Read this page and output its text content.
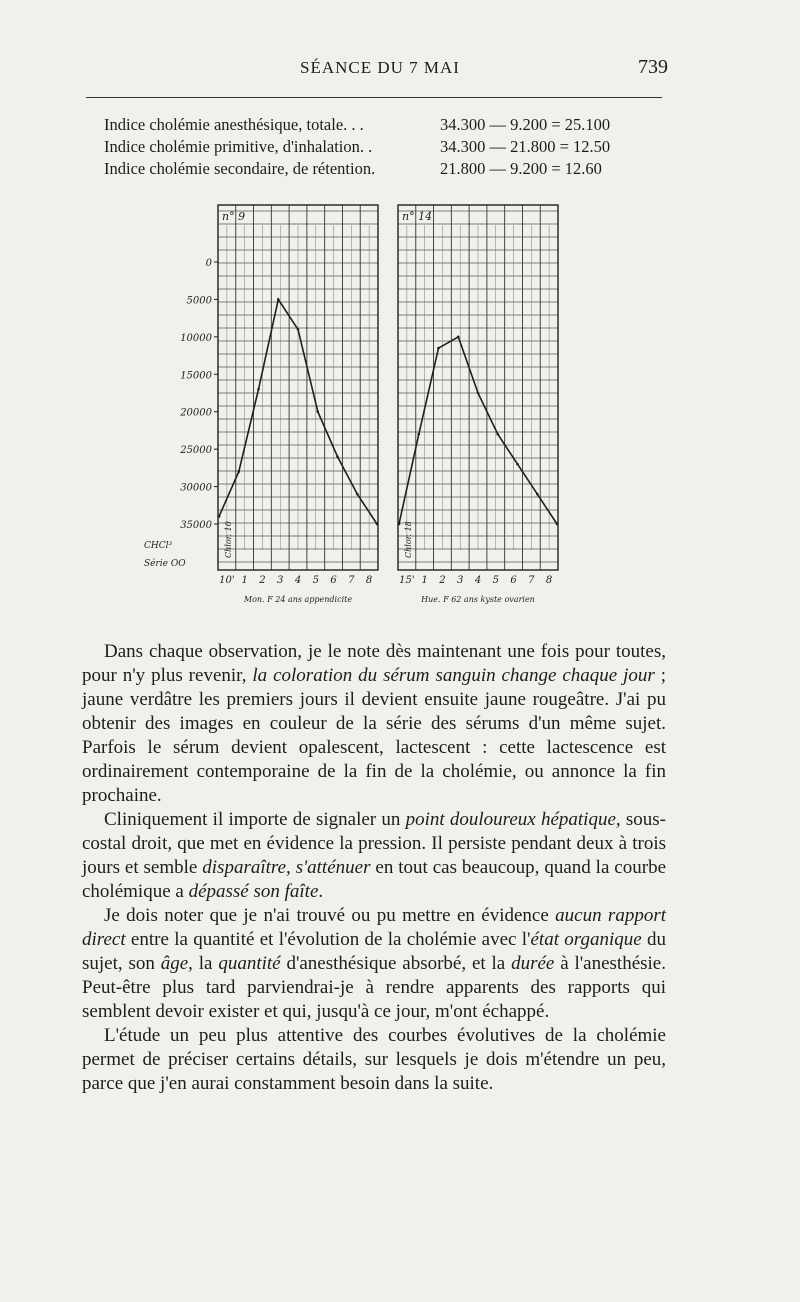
SÉANCE DU 7 MAI	739
Indice cholémie anesthésique, totale. . .	34.300 — 9.200 = 25.100
Indice cholémie primitive, d'inhalation. .	34.300 — 21.800 = 12.50
Indice cholémie secondaire, de rétention.	21.800 — 9.200 = 12.60
n° 9
Chlor. 10
10' 1 2 3 4 5 6 7 8
Mon. F 24 ans appendicite
n° 14
Chlor. 18
15' 1 2 3 4 5 6 7 8
Hue. F 62 ans kyste ovarien
0
5000
10000
15000
20000
25000
30000
35000
CHCl³
Série OO

Dans chaque observation, je le note dès maintenant une fois pour toutes, pour n'y plus revenir, la coloration du sérum sanguin change chaque jour ; jaune verdâtre les premiers jours il devient ensuite jaune rougeâtre. J'ai pu obtenir des images en couleur de la série des sérums d'un même sujet. Parfois le sérum devient opalescent, lactescent : cette lactescence est ordinairement contemporaine de la fin de la cholémie, ou annonce la fin prochaine.

Cliniquement il importe de signaler un point douloureux hépatique, sous-costal droit, que met en évidence la pression. Il persiste pendant deux à trois jours et semble disparaître, s'atténuer en tout cas beaucoup, quand la courbe cholémique a dépassé son faîte.

Je dois noter que je n'ai trouvé ou pu mettre en évidence aucun rapport direct entre la quantité et l'évolution de la cholémie avec l'état organique du sujet, son âge, la quantité d'anesthésique absorbé, et la durée à l'anesthésie. Peut-être plus tard parviendrai-je à rendre apparents des rapports qui semblent devoir exister et qui, jusqu'à ce jour, m'ont échappé.

L'étude un peu plus attentive des courbes évolutives de la cholémie permet de préciser certains détails, sur lesquels je dois m'étendre un peu, parce que j'en aurai constamment besoin dans la suite.
